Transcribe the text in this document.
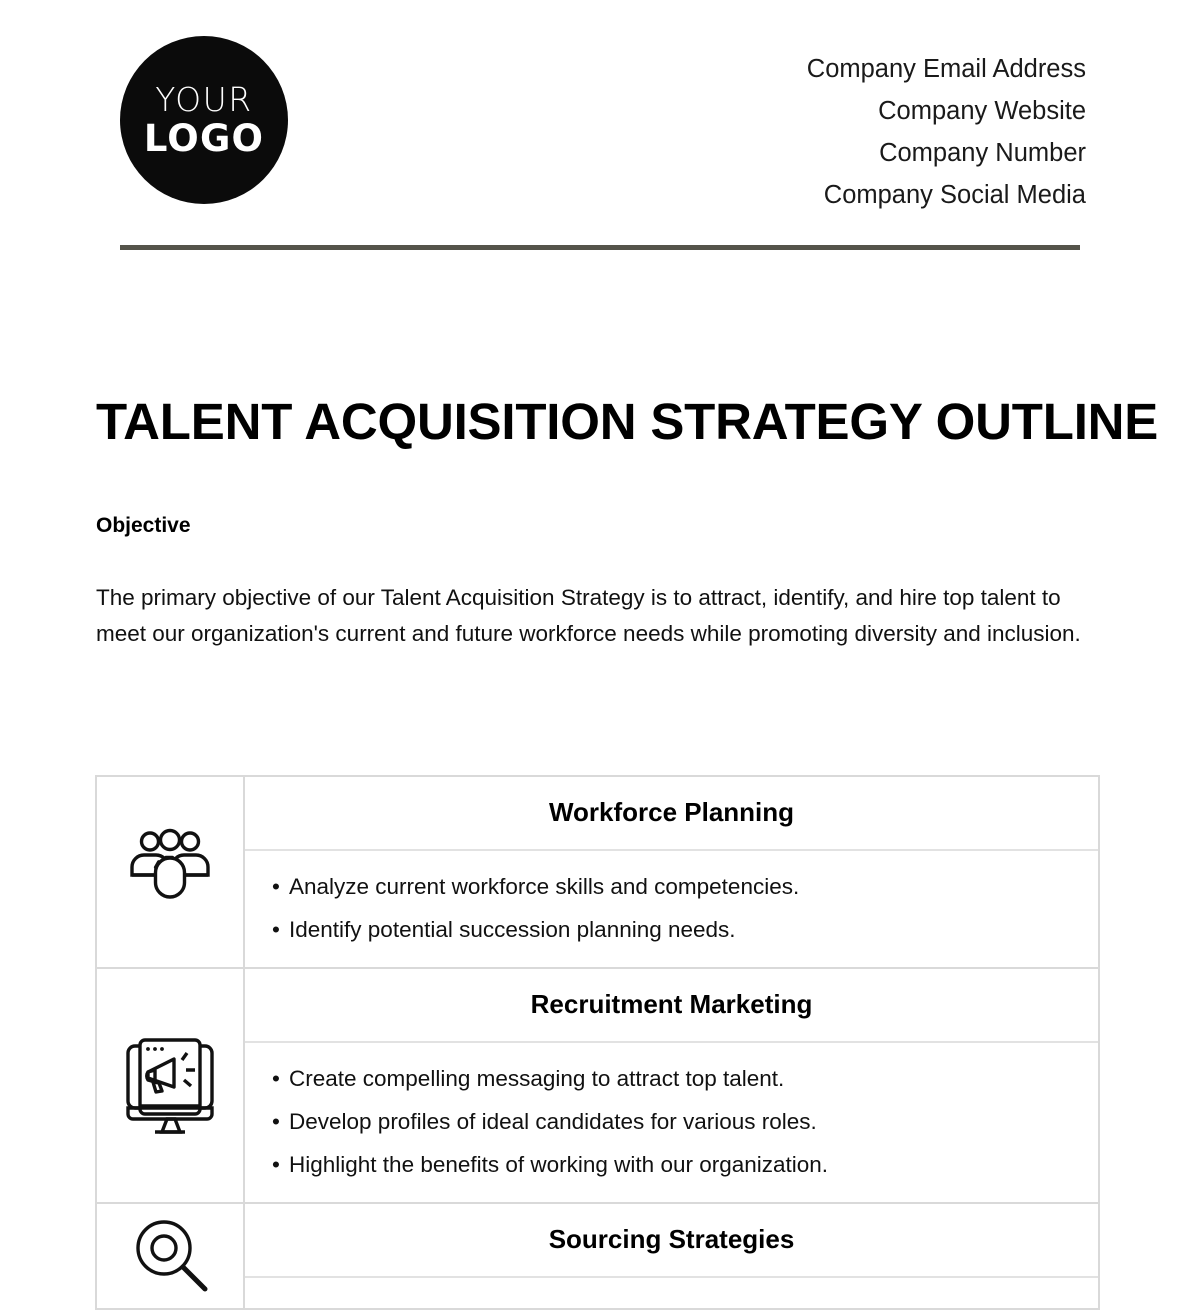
YOUR
LOGO
Company Email Address
Company Website
Company Number
Company Social Media
TALENT ACQUISITION STRATEGY OUTLINE
Objective

The primary objective of our Talent Acquisition Strategy is to attract, identify, and hire top talent to meet our organization's current and future workforce needs while promoting diversity and inclusion.

Workforce Planning
• Analyze current workforce skills and competencies.
• Identify potential succession planning needs.
Recruitment Marketing
• Create compelling messaging to attract top talent.
• Develop profiles of ideal candidates for various roles.
• Highlight the benefits of working with our organization.
Sourcing Strategies
